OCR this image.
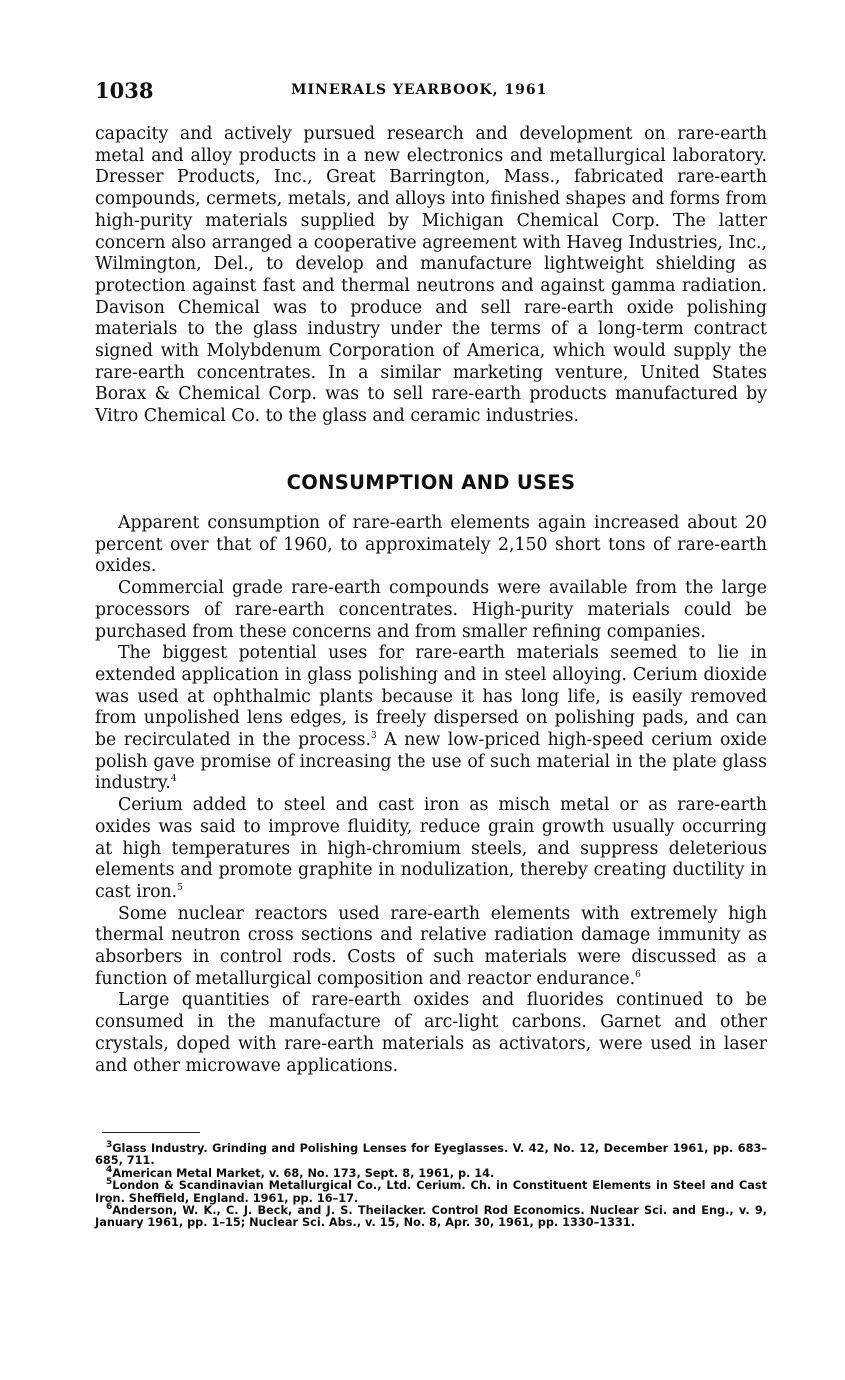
1038	MINERALS YEARBOOK, 1961

capacity and actively pursued research and development on rare-earth metal and alloy products in a new electronics and metallurgical laboratory. Dresser Products, Inc., Great Barrington, Mass., fabricated rare-earth compounds, cermets, metals, and alloys into finished shapes and forms from high-purity materials supplied by Michigan Chemical Corp. The latter concern also arranged a cooperative agreement with Haveg Industries, Inc., Wilmington, Del., to develop and manufacture lightweight shielding as protection against fast and thermal neutrons and against gamma radiation. Davison Chemical was to produce and sell rare-earth oxide polishing materials to the glass industry under the terms of a long-term contract signed with Molybdenum Corporation of America, which would supply the rare-earth concentrates. In a similar marketing venture, United States Borax & Chemical Corp. was to sell rare-earth products manufactured by Vitro Chemical Co. to the glass and ceramic industries.

CONSUMPTION AND USES

Apparent consumption of rare-earth elements again increased about 20 percent over that of 1960, to approximately 2,150 short tons of rare-earth oxides.

Commercial grade rare-earth compounds were available from the large processors of rare-earth concentrates. High-purity materials could be purchased from these concerns and from smaller refining companies.

The biggest potential uses for rare-earth materials seemed to lie in extended application in glass polishing and in steel alloying. Cerium dioxide was used at ophthalmic plants because it has long life, is easily removed from unpolished lens edges, is freely dispersed on polishing pads, and can be recirculated in the process.$^3$ A new low-priced high-speed cerium oxide polish gave promise of increasing the use of such material in the plate glass industry.$^4$

Cerium added to steel and cast iron as misch metal or as rare-earth oxides was said to improve fluidity, reduce grain growth usually occurring at high temperatures in high-chromium steels, and suppress deleterious elements and promote graphite in nodulization, thereby creating ductility in cast iron.$^5$

Some nuclear reactors used rare-earth elements with extremely high thermal neutron cross sections and relative radiation damage immunity as absorbers in control rods. Costs of such materials were discussed as a function of metallurgical composition and reactor endurance.$^6$

Large quantities of rare-earth oxides and fluorides continued to be consumed in the manufacture of arc-light carbons. Garnet and other crystals, doped with rare-earth materials as activators, were used in laser and other microwave applications.

$^3$Glass Industry. Grinding and Polishing Lenses for Eyeglasses. V. 42, No. 12, December 1961, pp. 683–685, 711.

$^4$American Metal Market, v. 68, No. 173, Sept. 8, 1961, p. 14.

$^5$London & Scandinavian Metallurgical Co., Ltd. Cerium. Ch. in Constituent Elements in Steel and Cast Iron. Sheffield, England. 1961, pp. 16–17.

$^6$Anderson, W. K., C. J. Beck, and J. S. Theilacker. Control Rod Economics. Nuclear Sci. and Eng., v. 9, January 1961, pp. 1–15; Nuclear Sci. Abs., v. 15, No. 8, Apr. 30, 1961, pp. 1330–1331.
